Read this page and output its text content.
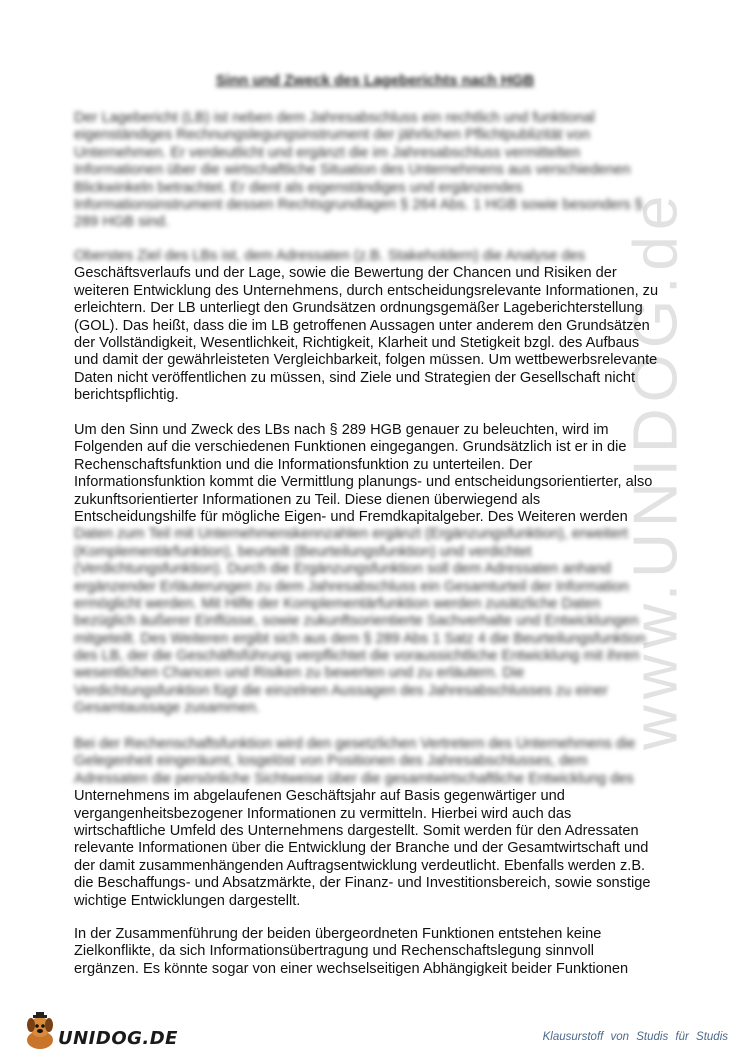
www.UNIDOG.de
Sinn und Zweck des Lageberichts nach HGB
Der Lagebericht (LB) ist neben dem Jahresabschluss ein rechtlich und funktional
eigenständiges Rechnungslegungsinstrument der jährlichen Pflichtpublizität von
Unternehmen. Er verdeutlicht und ergänzt die im Jahresabschluss vermittelten
Informationen über die wirtschaftliche Situation des Unternehmens aus verschiedenen
Blickwinkeln betrachtet. Er dient als eigenständiges und ergänzendes
Informationsinstrument dessen Rechtsgrundlagen § 264 Abs. 1 HGB sowie besonders §
289 HGB sind.
Oberstes Ziel des LBs ist, dem Adressaten (z.B. Stakeholdern) die Analyse des
Geschäftsverlaufs und der Lage, sowie die Bewertung der Chancen und Risiken der
weiteren Entwicklung des Unternehmens, durch entscheidungsrelevante Informationen, zu
erleichtern. Der LB unterliegt den Grundsätzen ordnungsgemäßer Lageberichterstellung
(GOL). Das heißt, dass die im LB getroffenen Aussagen unter anderem den Grundsätzen
der Vollständigkeit, Wesentlichkeit, Richtigkeit, Klarheit und Stetigkeit bzgl. des Aufbaus
und damit der gewährleisteten Vergleichbarkeit, folgen müssen. Um wettbewerbsrelevante
Daten nicht veröffentlichen zu müssen, sind Ziele und Strategien der Gesellschaft nicht
berichtspflichtig.
Um den Sinn und Zweck des LBs nach § 289 HGB genauer zu beleuchten, wird im
Folgenden auf die verschiedenen Funktionen eingegangen. Grundsätzlich ist er in die
Rechenschaftsfunktion und die Informationsfunktion zu unterteilen. Der
Informationsfunktion kommt die Vermittlung planungs- und entscheidungsorientierter, also
zukunftsorientierter Informationen zu Teil. Diese dienen überwiegend als
Entscheidungshilfe für mögliche Eigen- und Fremdkapitalgeber. Des Weiteren werden
Daten zum Teil mit Unternehmenskennzahlen ergänzt (Ergänzungsfunktion), erweitert
(Komplementärfunktion), beurteilt (Beurteilungsfunktion) und verdichtet
(Verdichtungsfunktion). Durch die Ergänzungsfunktion soll dem Adressaten anhand
ergänzender Erläuterungen zu dem Jahresabschluss ein Gesamturteil der Information
ermöglicht werden. Mit Hilfe der Komplementärfunktion werden zusätzliche Daten
bezüglich äußerer Einflüsse, sowie zukunftsorientierte Sachverhalte und Entwicklungen
mitgeteilt. Des Weiteren ergibt sich aus dem § 289 Abs 1 Satz 4 die Beurteilungsfunktion
des LB, der die Geschäftsführung verpflichtet die voraussichtliche Entwicklung mit ihren
wesentlichen Chancen und Risiken zu bewerten und zu erläutern. Die
Verdichtungsfunktion fügt die einzelnen Aussagen des Jahresabschlusses zu einer
Gesamtaussage zusammen.
Bei der Rechenschaftsfunktion wird den gesetzlichen Vertretern des Unternehmens die
Gelegenheit eingeräumt, losgelöst von Positionen des Jahresabschlusses, dem
Adressaten die persönliche Sichtweise über die gesamtwirtschaftliche Entwicklung des
Unternehmens im abgelaufenen Geschäftsjahr auf Basis gegenwärtiger und
vergangenheitsbezogener Informationen zu vermitteln. Hierbei wird auch das
wirtschaftliche Umfeld des Unternehmens dargestellt. Somit werden für den Adressaten
relevante Informationen über die Entwicklung der Branche und der Gesamtwirtschaft und
der damit zusammenhängenden Auftragsentwicklung verdeutlicht. Ebenfalls werden z.B.
die Beschaffungs- und Absatzmärkte, der Finanz- und Investitionsbereich, sowie sonstige
wichtige Entwicklungen dargestellt.
In der Zusammenführung der beiden übergeordneten Funktionen entstehen keine
Zielkonflikte, da sich Informationsübertragung und Rechenschaftslegung sinnvoll
ergänzen. Es könnte sogar von einer wechselseitigen Abhängigkeit beider Funktionen
UNIDOG.DE	Klausurstoff von Studis für Studis
